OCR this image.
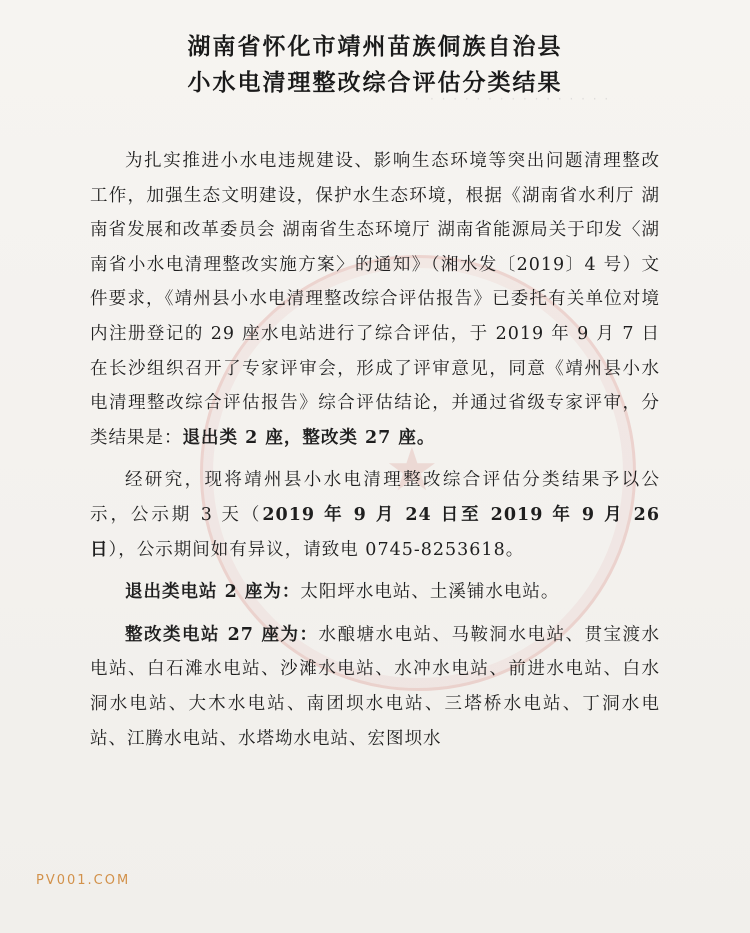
★
· · · · · · · · · · · · · · · ·
湖南省怀化市靖州苗族侗族自治县
小水电清理整改综合评估分类结果

为扎实推进小水电违规建设、影响生态环境等突出问题清理整改工作，加强生态文明建设，保护水生态环境，根据《湖南省水利厅 湖南省发展和改革委员会 湖南省生态环境厅 湖南省能源局关于印发〈湖南省小水电清理整改实施方案〉的通知》（湘水发〔2019〕4 号）文件要求，《靖州县小水电清理整改综合评估报告》已委托有关单位对境内注册登记的 29 座水电站进行了综合评估，于 2019 年 9 月 7 日在长沙组织召开了专家评审会，形成了评审意见，同意《靖州县小水电清理整改综合评估报告》综合评估结论，并通过省级专家评审，分类结果是：退出类 2 座，整改类 27 座。

经研究，现将靖州县小水电清理整改综合评估分类结果予以公示，公示期 3 天（2019 年 9 月 24 日至 2019 年 9 月 26 日），公示期间如有异议，请致电 0745-8253618。

退出类电站 2 座为：太阳坪水电站、土溪铺水电站。

整改类电站 27 座为：水酿塘水电站、马鞍洞水电站、贯宝渡水电站、白石滩水电站、沙滩水电站、水冲水电站、前进水电站、白水洞水电站、大木水电站、南团坝水电站、三塔桥水电站、丁洞水电站、江腾水电站、水塔坳水电站、宏图坝水

PV001.COM
